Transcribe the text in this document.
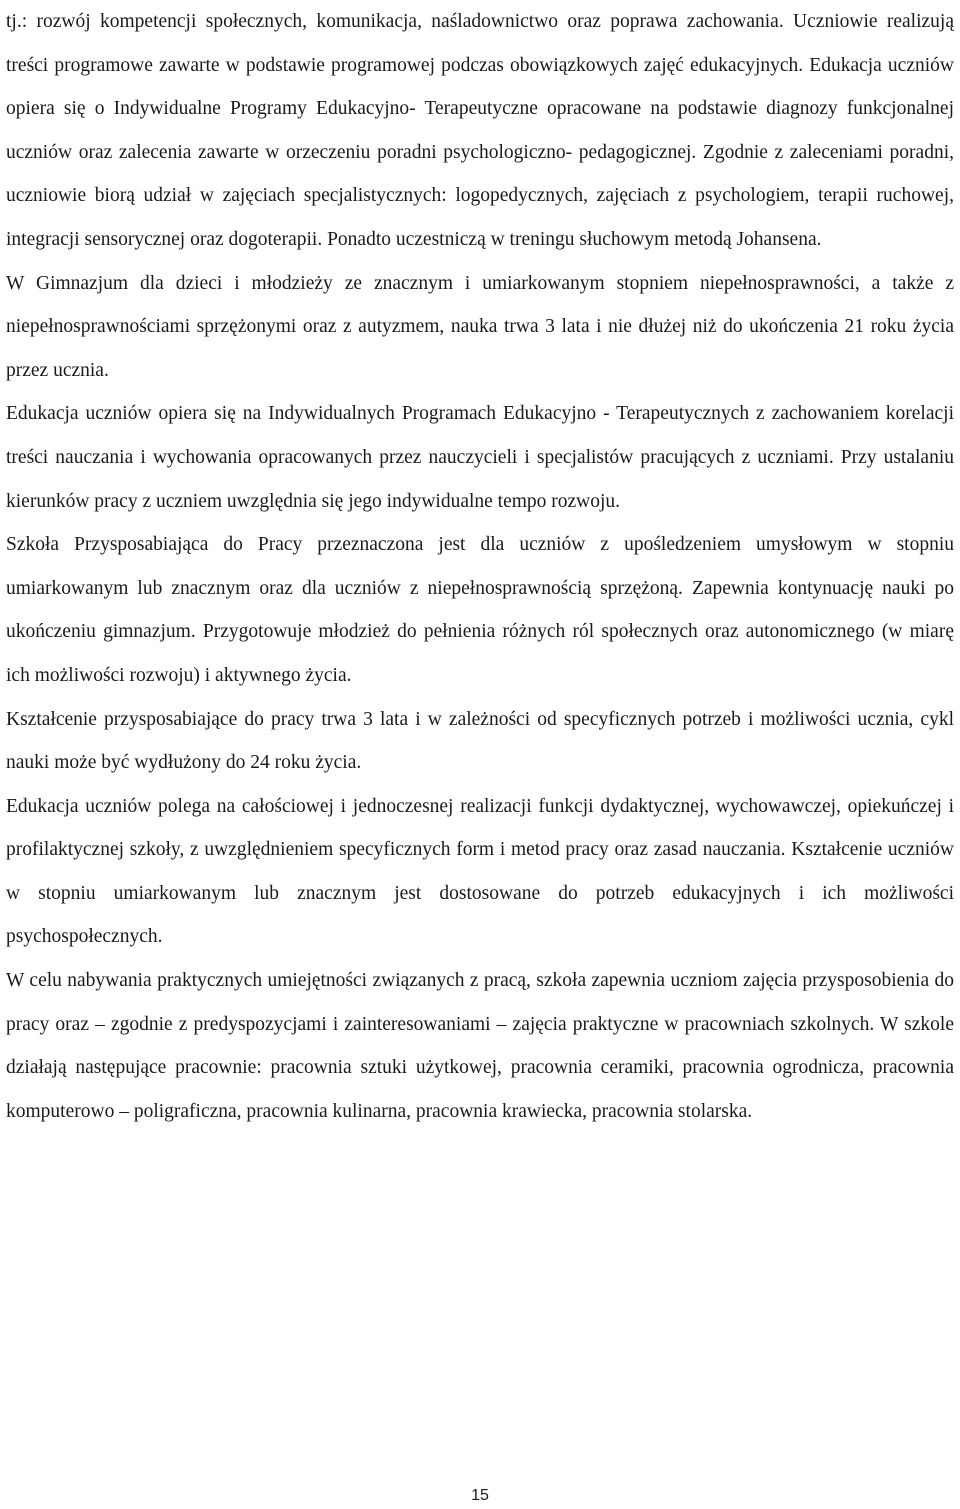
tj.: rozwój kompetencji społecznych, komunikacja, naśladownictwo oraz poprawa zachowania. Uczniowie realizują treści programowe zawarte w podstawie programowej podczas obowiązkowych zajęć edukacyjnych. Edukacja uczniów opiera się o Indywidualne Programy Edukacyjno- Terapeutyczne opracowane na podstawie diagnozy funkcjonalnej uczniów oraz zalecenia zawarte w orzeczeniu poradni psychologiczno- pedagogicznej. Zgodnie z zaleceniami poradni, uczniowie biorą udział w zajęciach specjalistycznych: logopedycznych, zajęciach z psychologiem, terapii ruchowej, integracji sensorycznej oraz dogoterapii. Ponadto uczestniczą w treningu słuchowym metodą Johansena.

W Gimnazjum dla dzieci i młodzieży ze znacznym i umiarkowanym stopniem niepełnosprawności, a także z niepełnosprawnościami sprzężonymi oraz z autyzmem, nauka trwa 3 lata i nie dłużej niż do ukończenia 21 roku życia przez ucznia.

Edukacja uczniów opiera się na Indywidualnych Programach Edukacyjno - Terapeutycznych z zachowaniem korelacji treści nauczania i wychowania opracowanych przez nauczycieli i specjalistów pracujących z uczniami. Przy ustalaniu kierunków pracy z uczniem uwzględnia się jego indywidualne tempo rozwoju.

Szkoła Przysposabiająca do Pracy przeznaczona jest dla uczniów z upośledzeniem umysłowym w stopniu umiarkowanym lub znacznym oraz dla uczniów z niepełnosprawnością sprzężoną. Zapewnia kontynuację nauki po ukończeniu gimnazjum. Przygotowuje młodzież do pełnienia różnych ról społecznych oraz autonomicznego (w miarę ich możliwości rozwoju) i aktywnego życia.

Kształcenie przysposabiające do pracy trwa 3 lata i w zależności od specyficznych potrzeb i możliwości ucznia, cykl nauki może być wydłużony do 24 roku życia.

Edukacja uczniów polega na całościowej i jednoczesnej realizacji funkcji dydaktycznej, wychowawczej, opiekuńczej i profilaktycznej szkoły, z uwzględnieniem specyficznych form i metod pracy oraz zasad nauczania. Kształcenie uczniów w stopniu umiarkowanym lub znacznym jest dostosowane do potrzeb edukacyjnych i ich możliwości psychospołecznych.

W celu nabywania praktycznych umiejętności związanych z pracą, szkoła zapewnia uczniom zajęcia przysposobienia do pracy oraz – zgodnie z predyspozycjami i zainteresowaniami – zajęcia praktyczne w pracowniach szkolnych. W szkole działają następujące pracownie: pracownia sztuki użytkowej, pracownia ceramiki, pracownia ogrodnicza, pracownia komputerowo – poligraficzna, pracownia kulinarna, pracownia krawiecka, pracownia stolarska.

15
